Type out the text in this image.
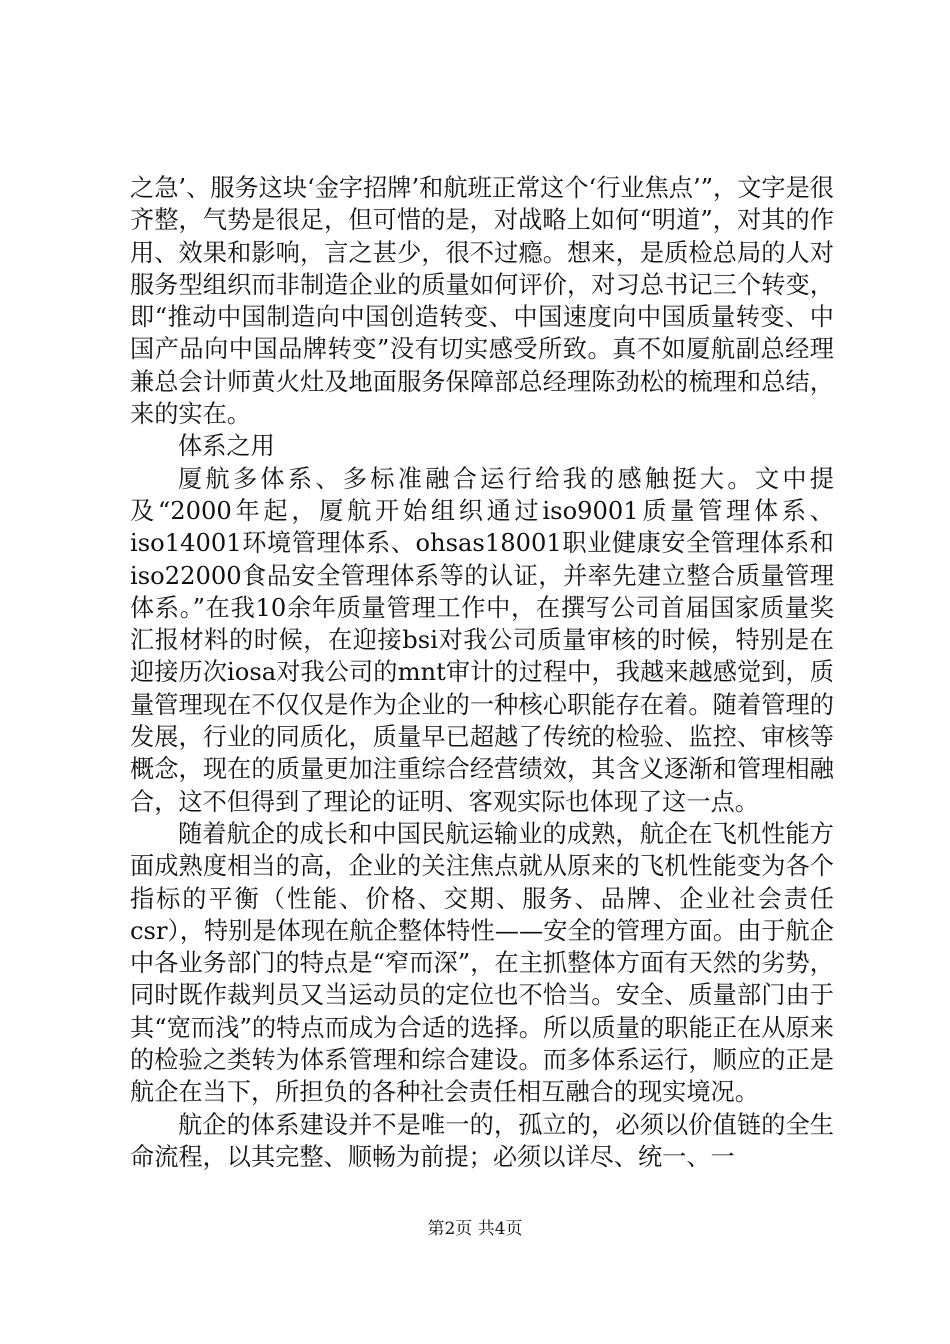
之急’、服务这块‘金字招牌’和航班正常这个‘行业焦点’”，文字是很齐整，气势是很足，但可惜的是，对战略上如何“明道”，对其的作用、效果和影响，言之甚少，很不过瘾。想来，是质检总局的人对服务型组织而非制造企业的质量如何评价，对习总书记三个转变，即“推动中国制造向中国创造转变、中国速度向中国质量转变、中国产品向中国品牌转变”没有切实感受所致。真不如厦航副总经理兼总会计师黄火灶及地面服务保障部总经理陈劲松的梳理和总结，来的实在。

体系之用

厦航多体系、多标准融合运行给我的感触挺大。文中提及“2000年起，厦航开始组织通过iso9001质量管理体系、iso14001环境管理体系、ohsas18001职业健康安全管理体系和iso22000食品安全管理体系等的认证，并率先建立整合质量管理体系。”在我10余年质量管理工作中，在撰写公司首届国家质量奖汇报材料的时候，在迎接bsi对我公司质量审核的时候，特别是在迎接历次iosa对我公司的mnt审计的过程中，我越来越感觉到，质量管理现在不仅仅是作为企业的一种核心职能存在着。随着管理的发展，行业的同质化，质量早已超越了传统的检验、监控、审核等概念，现在的质量更加注重综合经营绩效，其含义逐渐和管理相融合，这不但得到了理论的证明、客观实际也体现了这一点。

随着航企的成长和中国民航运输业的成熟，航企在飞机性能方面成熟度相当的高，企业的关注焦点就从原来的飞机性能变为各个指标的平衡（性能、价格、交期、服务、品牌、企业社会责任csr），特别是体现在航企整体特性——安全的管理方面。由于航企中各业务部门的特点是“窄而深”，在主抓整体方面有天然的劣势，同时既作裁判员又当运动员的定位也不恰当。安全、质量部门由于其“宽而浅”的特点而成为合适的选择。所以质量的职能正在从原来的检验之类转为体系管理和综合建设。而多体系运行，顺应的正是航企在当下，所担负的各种社会责任相互融合的现实境况。

航企的体系建设并不是唯一的，孤立的，必须以价值链的全生命流程，以其完整、顺畅为前提；必须以详尽、统一、一

第2页 共4页
